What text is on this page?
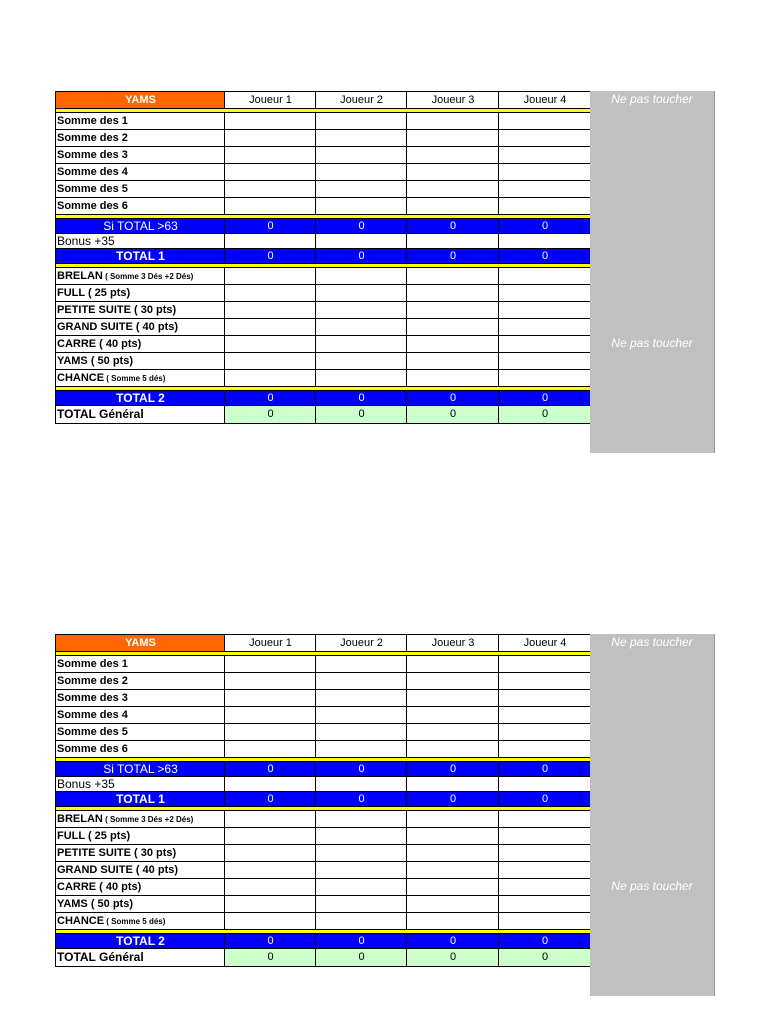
YAMS	Joueur 1	Joueur 2	Joueur 3	Joueur 4

Somme des 1				
Somme des 2				
Somme des 3				
Somme des 4				
Somme des 5				
Somme des 6				

Si TOTAL >63	0	0	0	0
Bonus +35				
TOTAL 1	0	0	0	0

BRELAN ( Somme 3 Dés +2 Dés)				
FULL ( 25 pts)				
PETITE SUITE ( 30 pts)				
GRAND SUITE ( 40 pts)				
CARRE ( 40 pts)				
YAMS ( 50 pts)				
CHANCE ( Somme 5 dés)				

TOTAL 2	0	0	0	0
TOTAL Général	0	0	0	0
Ne pas toucher
Ne pas toucher
YAMS	Joueur 1	Joueur 2	Joueur 3	Joueur 4

Somme des 1				
Somme des 2				
Somme des 3				
Somme des 4				
Somme des 5				
Somme des 6				

Si TOTAL >63	0	0	0	0
Bonus +35				
TOTAL 1	0	0	0	0

BRELAN ( Somme 3 Dés +2 Dés)				
FULL ( 25 pts)				
PETITE SUITE ( 30 pts)				
GRAND SUITE ( 40 pts)				
CARRE ( 40 pts)				
YAMS ( 50 pts)				
CHANCE ( Somme 5 dés)				

TOTAL 2	0	0	0	0
TOTAL Général	0	0	0	0
Ne pas toucher
Ne pas toucher
